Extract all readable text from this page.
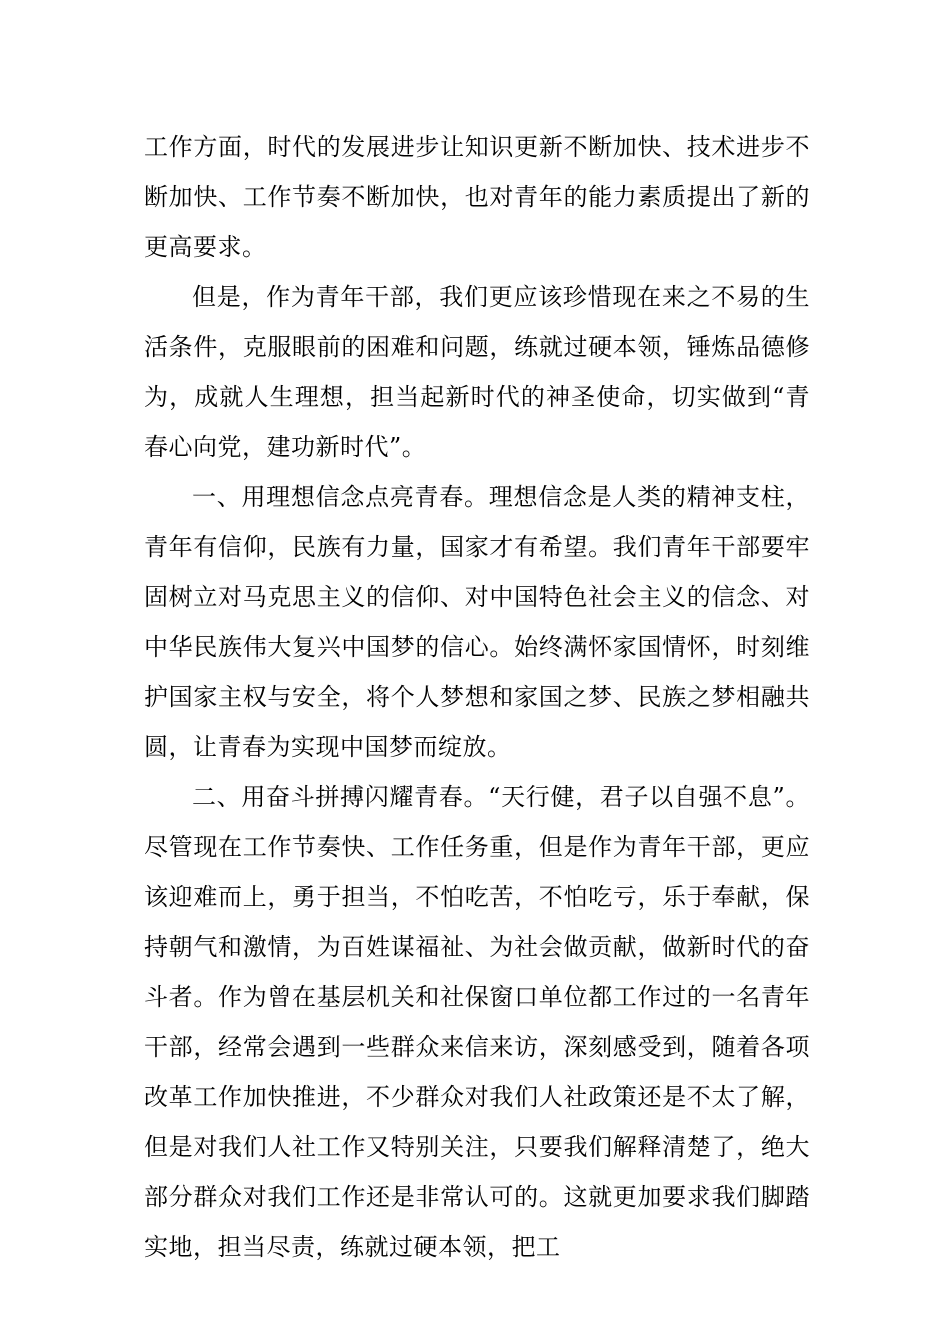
工作方面，时代的发展进步让知识更新不断加快、技术进步不断加快、工作节奏不断加快，也对青年的能力素质提出了新的更高要求。

但是，作为青年干部，我们更应该珍惜现在来之不易的生活条件，克服眼前的困难和问题，练就过硬本领，锤炼品德修为，成就人生理想，担当起新时代的神圣使命，切实做到“青春心向党，建功新时代”。

一、用理想信念点亮青春。理想信念是人类的精神支柱，青年有信仰，民族有力量，国家才有希望。我们青年干部要牢固树立对马克思主义的信仰、对中国特色社会主义的信念、对中华民族伟大复兴中国梦的信心。始终满怀家国情怀，时刻维护国家主权与安全，将个人梦想和家国之梦、民族之梦相融共圆，让青春为实现中国梦而绽放。

二、用奋斗拼搏闪耀青春。“天行健，君子以自强不息”。尽管现在工作节奏快、工作任务重，但是作为青年干部，更应该迎难而上，勇于担当，不怕吃苦，不怕吃亏，乐于奉献，保持朝气和激情，为百姓谋福祉、为社会做贡献，做新时代的奋斗者。作为曾在基层机关和社保窗口单位都工作过的一名青年干部，经常会遇到一些群众来信来访，深刻感受到，随着各项改革工作加快推进，不少群众对我们人社政策还是不太了解，但是对我们人社工作又特别关注，只要我们解释清楚了，绝大部分群众对我们工作还是非常认可的。这就更加要求我们脚踏实地，担当尽责，练就过硬本领，把工
